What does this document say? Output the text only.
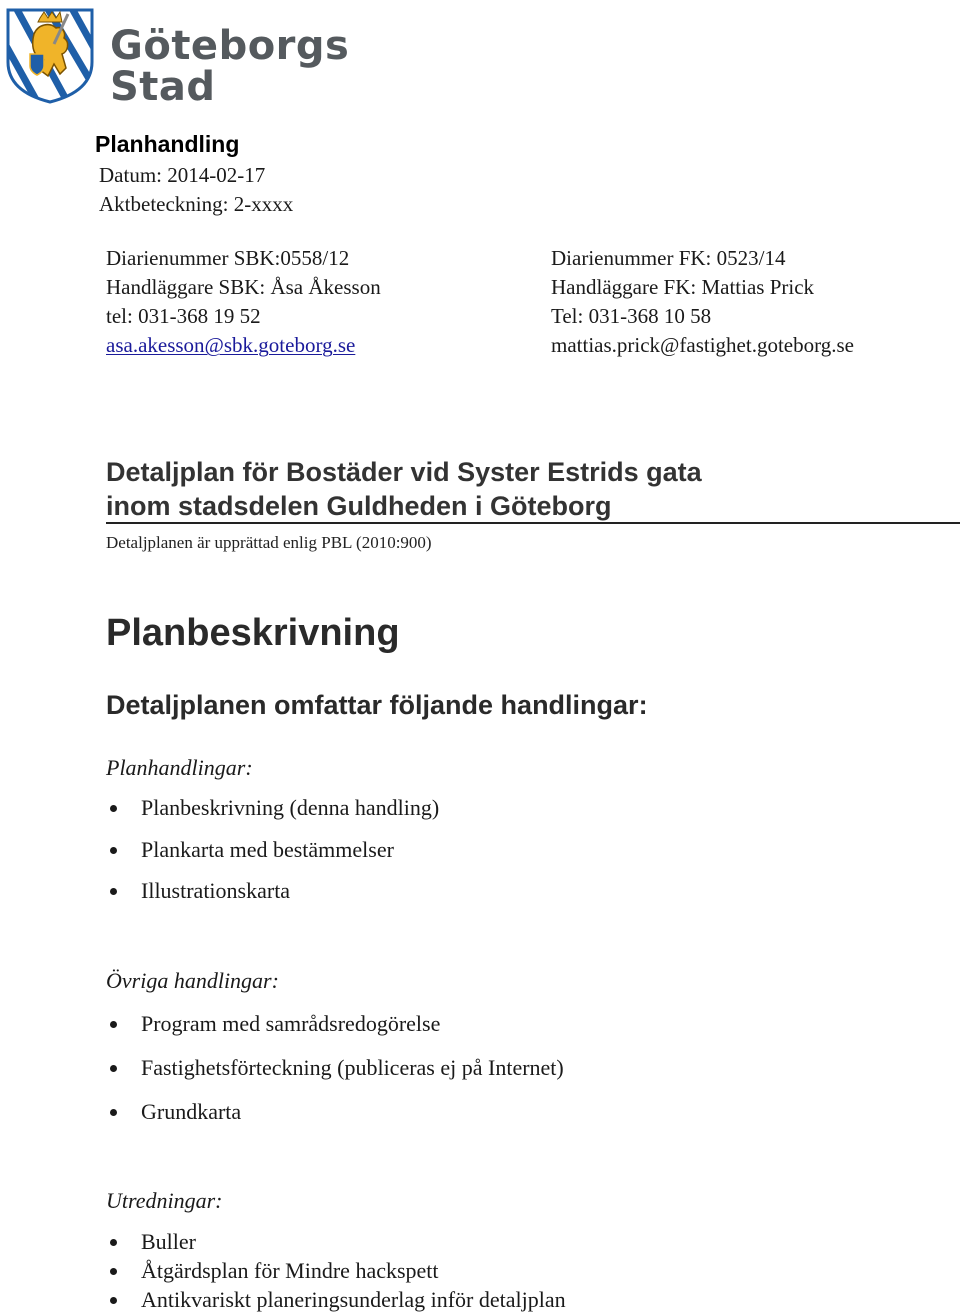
Göteborgs
Stad
Planhandling
Datum: 2014-02-17
Aktbeteckning: 2-xxxx
Diarienummer SBK:0558/12
Handläggare SBK: Åsa Åkesson
tel: 031-368 19 52
asa.akesson@sbk.goteborg.se
Diarienummer FK: 0523/14
Handläggare FK: Mattias Prick
Tel: 031-368 10 58
mattias.prick@fastighet.goteborg.se
Detaljplan för Bostäder vid Syster Estrids gata
inom stadsdelen Guldheden i Göteborg
Detaljplanen är upprättad enlig PBL (2010:900)
Planbeskrivning
Detaljplanen omfattar följande handlingar:
Planhandlingar:
Planbeskrivning (denna handling)
Plankarta med bestämmelser
Illustrationskarta
Övriga handlingar:
Program med samrådsredogörelse
Fastighetsförteckning (publiceras ej på Internet)
Grundkarta
Utredningar:
Buller
Åtgärdsplan för Mindre hackspett
Antikvariskt planeringsunderlag inför detaljplan
